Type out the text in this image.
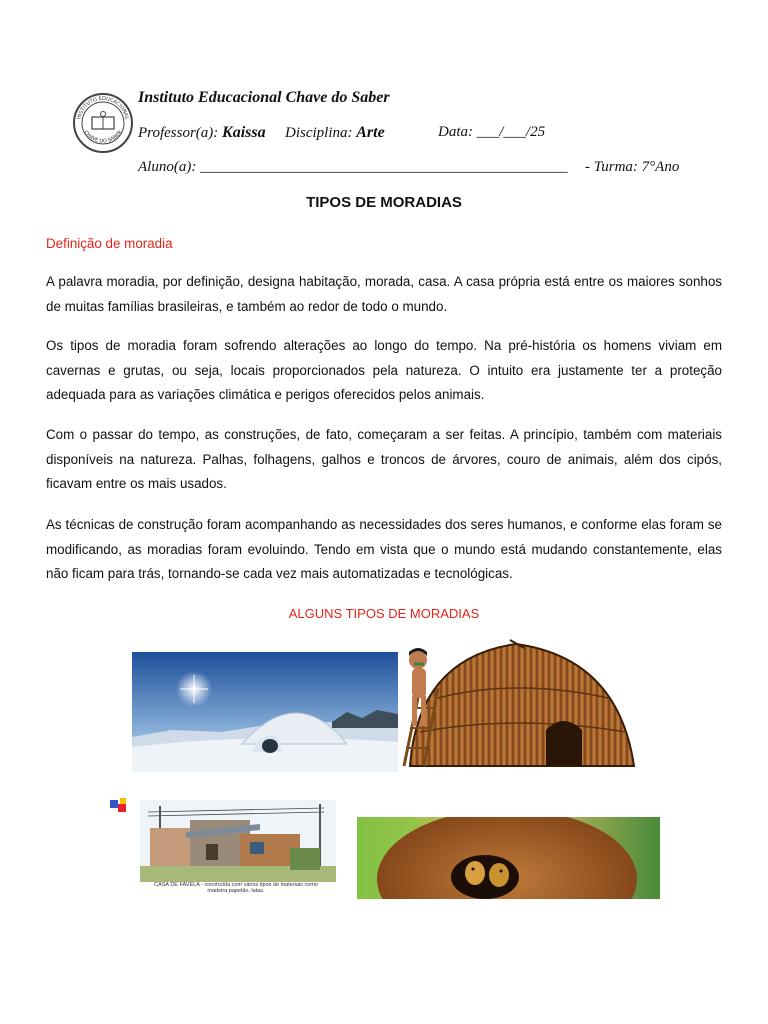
INSTITUTO EDUCACIONAL
CHAVE DO SABER
Instituto Educacional Chave do Saber
Professor(a): Kaissa Disciplina: Arte	Data: ___/___/25
Aluno(a): _________________________________________________ - Turma: 7°Ano
TIPOS DE MORADIAS
Definição de moradia
A palavra moradia, por definição, designa habitação, morada, casa. A casa própria está entre os maiores sonhos de muitas famílias brasileiras, e também ao redor de todo o mundo.
Os tipos de moradia foram sofrendo alterações ao longo do tempo. Na pré-história os homens viviam em cavernas e grutas, ou seja, locais proporcionados pela natureza. O intuito era justamente ter a proteção adequada para as variações climática e perigos oferecidos pelos animais.
Com o passar do tempo, as construções, de fato, começaram a ser feitas. A princípio, também com materiais disponíveis na natureza. Palhas, folhagens, galhos e troncos de árvores, couro de animais, além dos cipós, ficavam entre os mais usados.
As técnicas de construção foram acompanhando as necessidades dos seres humanos, e conforme elas foram se modificando, as moradias foram evoluindo. Tendo em vista que o mundo está mudando constantemente, elas não ficam para trás, tornando-se cada vez mais automatizadas e tecnológicas.
ALGUNS TIPOS DE MORADIAS
CASA DE FAVELA - construída com vários tipos de materiais como madeira papelão, latas.
